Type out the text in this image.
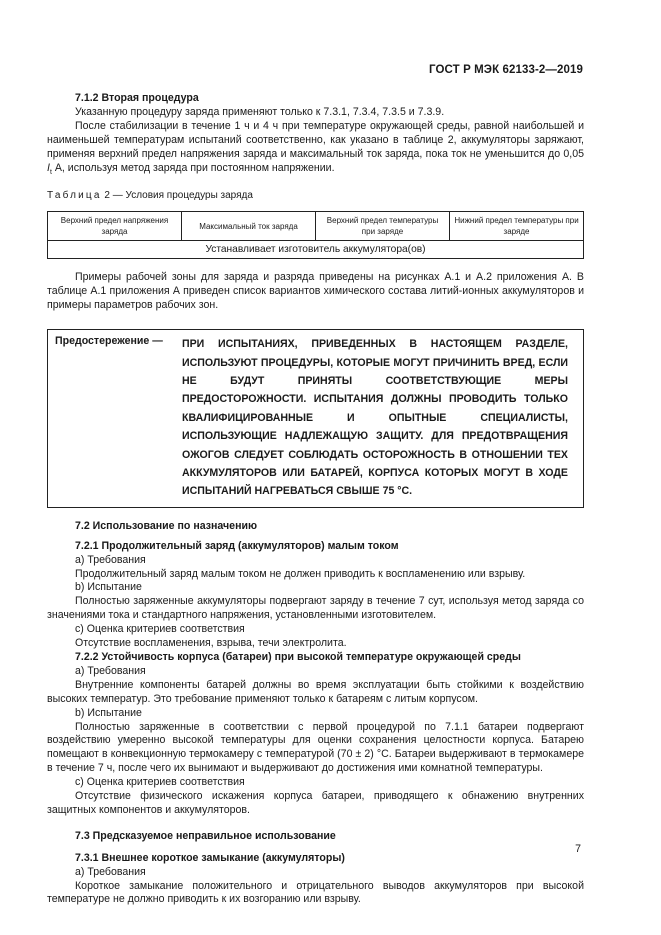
ГОСТ Р МЭК 62133-2—2019

7.1.2 Вторая процедура

Указанную процедуру заряда применяют только к 7.3.1, 7.3.4, 7.3.5 и 7.3.9.

После стабилизации в течение 1 ч и 4 ч при температуре окружающей среды, равной наибольшей и наименьшей температурам испытаний соответственно, как указано в таблице 2, аккумуляторы заряжают, применяя верхний предел напряжения заряда и максимальный ток заряда, пока ток не уменьшится до 0,05 $I_t$ А, используя метод заряда при постоянном напряжении.

Таблица 2 — Условия процедуры заряда

Верхний предел напряжения заряда	Максимальный ток заряда	Верхний предел температуры при заряде	Нижний предел температуры при заряде
Устанавливает изготовитель аккумулятора(ов)

Примеры рабочей зоны для заряда и разряда приведены на рисунках А.1 и А.2 приложения А. В таблице А.1 приложения А приведен список вариантов химического состава литий-ионных аккумуляторов и примеры параметров рабочих зон.

Предостережение —	ПРИ ИСПЫТАНИЯХ, ПРИВЕДЕННЫХ В НАСТОЯЩЕМ РАЗДЕЛЕ, ИСПОЛЬЗУЮТ ПРОЦЕДУРЫ, КОТОРЫЕ МОГУТ ПРИЧИНИТЬ ВРЕД, ЕСЛИ НЕ БУДУТ ПРИНЯТЫ СООТВЕТСТВУЮЩИЕ МЕРЫ ПРЕДОСТОРОЖНОСТИ. ИСПЫТАНИЯ ДОЛЖНЫ ПРОВОДИТЬ ТОЛЬКО КВАЛИФИЦИРОВАННЫЕ И ОПЫТНЫЕ СПЕЦИАЛИСТЫ, ИСПОЛЬЗУЮЩИЕ НАДЛЕЖАЩУЮ ЗАЩИТУ. ДЛЯ ПРЕДОТВРАЩЕНИЯ ОЖОГОВ СЛЕДУЕТ СОБЛЮДАТЬ ОСТОРОЖНОСТЬ В ОТНОШЕНИИ ТЕХ АККУМУЛЯТОРОВ ИЛИ БАТАРЕЙ, КОРПУСА КОТОРЫХ МОГУТ В ХОДЕ ИСПЫТАНИЙ НАГРЕВАТЬСЯ СВЫШЕ 75 °С.

7.2 Использование по назначению

7.2.1 Продолжительный заряд (аккумуляторов) малым током

a) Требования

Продолжительный заряд малым током не должен приводить к воспламенению или взрыву.

b) Испытание

Полностью заряженные аккумуляторы подвергают заряду в течение 7 сут, используя метод заряда со значениями тока и стандартного напряжения, установленными изготовителем.

c) Оценка критериев соответствия

Отсутствие воспламенения, взрыва, течи электролита.

7.2.2 Устойчивость корпуса (батареи) при высокой температуре окружающей среды

a) Требования

Внутренние компоненты батарей должны во время эксплуатации быть стойкими к воздействию высоких температур. Это требование применяют только к батареям с литым корпусом.

b) Испытание

Полностью заряженные в соответствии с первой процедурой по 7.1.1 батареи подвергают воздействию умеренно высокой температуры для оценки сохранения целостности корпуса. Батарею помещают в конвекционную термокамеру с температурой (70 ± 2) °С. Батареи выдерживают в термокамере в течение 7 ч, после чего их вынимают и выдерживают до достижения ими комнатной температуры.

c) Оценка критериев соответствия

Отсутствие физического искажения корпуса батареи, приводящего к обнажению внутренних защитных компонентов и аккумуляторов.

7.3 Предсказуемое неправильное использование

7.3.1 Внешнее короткое замыкание (аккумуляторы)

a) Требования

Короткое замыкание положительного и отрицательного выводов аккумуляторов при высокой температуре не должно приводить к их возгоранию или взрыву.

7
